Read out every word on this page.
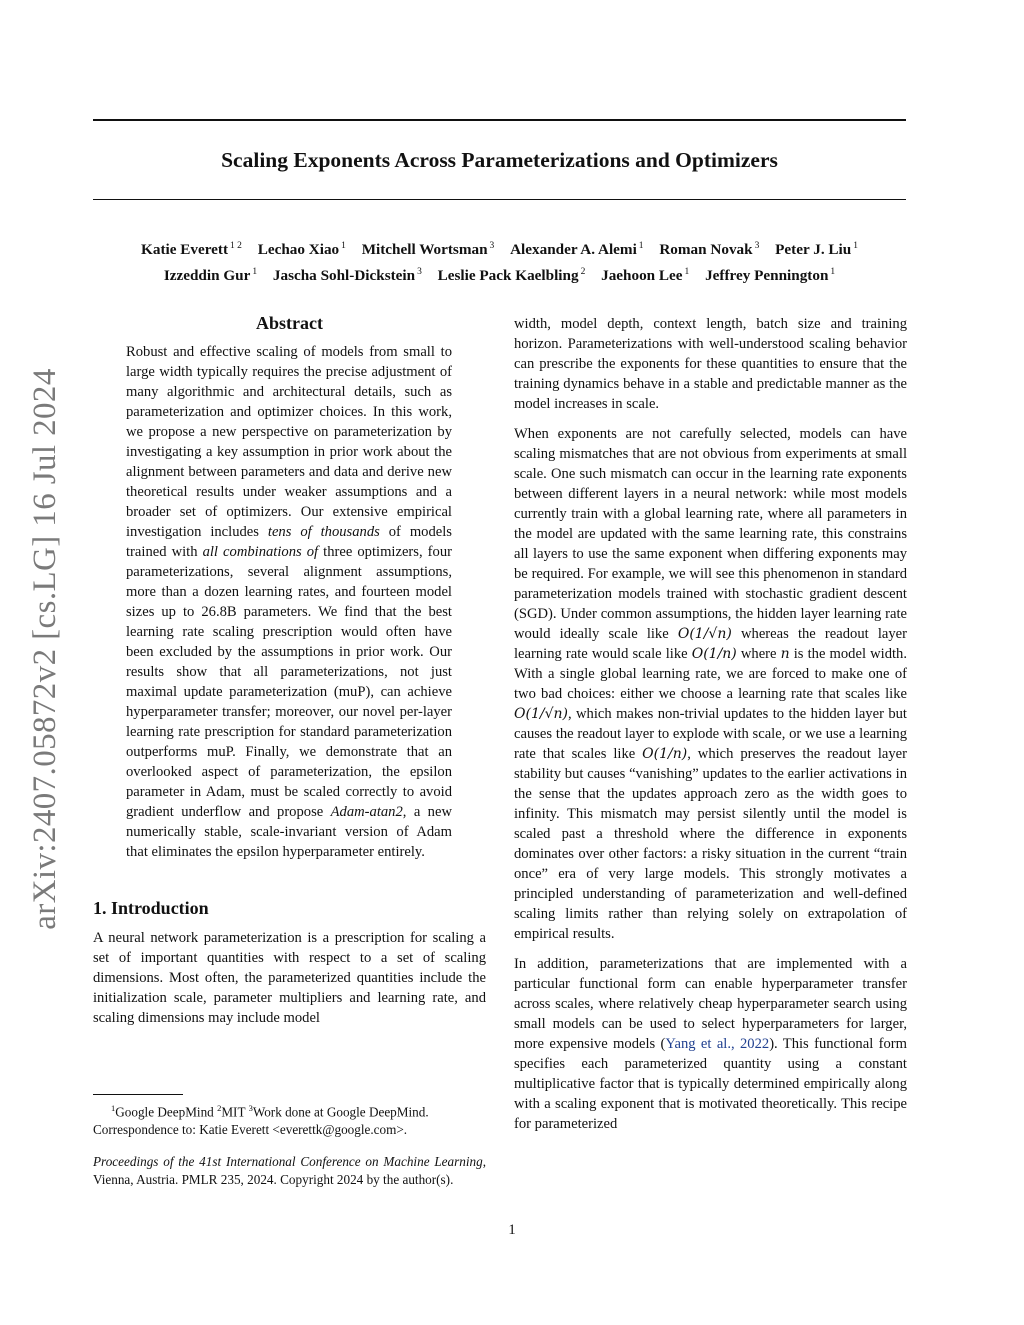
arXiv:2407.05872v2 [cs.LG] 16 Jul 2024
Scaling Exponents Across Parameterizations and Optimizers
Katie Everett $^{1 2}$ Lechao Xiao $^1$ Mitchell Wortsman $^3$ Alexander A. Alemi $^1$ Roman Novak $^3$ Peter J. Liu $^1$
Izzeddin Gur $^1$ Jascha Sohl-Dickstein $^3$ Leslie Pack Kaelbling $^2$ Jaehoon Lee $^1$ Jeffrey Pennington $^1$
Abstract

Robust and effective scaling of models from small to large width typically requires the precise adjustment of many algorithmic and architectural details, such as parameterization and optimizer choices. In this work, we propose a new perspective on parameterization by investigating a key assumption in prior work about the alignment between parameters and data and derive new theoretical results under weaker assumptions and a broader set of optimizers. Our extensive empirical investigation includes tens of thousands of models trained with all combinations of three optimizers, four parameterizations, several alignment assumptions, more than a dozen learning rates, and fourteen model sizes up to 26.8B parameters. We find that the best learning rate scaling prescription would often have been excluded by the assumptions in prior work. Our results show that all parameterizations, not just maximal update parameterization (muP), can achieve hyperparameter transfer; moreover, our novel per-layer learning rate prescription for standard parameterization outperforms muP. Finally, we demonstrate that an overlooked aspect of parameterization, the epsilon parameter in Adam, must be scaled correctly to avoid gradient underflow and propose Adam-atan2, a new numerically stable, scale-invariant version of Adam that eliminates the epsilon hyperparameter entirely.

1. Introduction

A neural network parameterization is a prescription for scaling a set of important quantities with respect to a set of scaling dimensions. Most often, the parameterized quantities include the initialization scale, parameter multipliers and learning rate, and scaling dimensions may include model

$^1$Google DeepMind $^2$MIT $^3$Work done at Google DeepMind.
Correspondence to: Katie Everett <everettk@google.com>.

Proceedings of the 41st International Conference on Machine Learning, Vienna, Austria. PMLR 235, 2024. Copyright 2024 by the author(s).

width, model depth, context length, batch size and training horizon. Parameterizations with well-understood scaling behavior can prescribe the exponents for these quantities to ensure that the training dynamics behave in a stable and predictable manner as the model increases in scale.

When exponents are not carefully selected, models can have scaling mismatches that are not obvious from experiments at small scale. One such mismatch can occur in the learning rate exponents between different layers in a neural network: while most models currently train with a global learning rate, where all parameters in the model are updated with the same learning rate, this constrains all layers to use the same exponent when differing exponents may be required. For example, we will see this phenomenon in standard parameterization models trained with stochastic gradient descent (SGD). Under common assumptions, the hidden layer learning rate would ideally scale like O(1/√n) whereas the readout layer learning rate would scale like O(1/n) where n is the model width. With a single global learning rate, we are forced to make one of two bad choices: either we choose a learning rate that scales like O(1/√n), which makes non-trivial updates to the hidden layer but causes the readout layer to explode with scale, or we use a learning rate that scales like O(1/n), which preserves the readout layer stability but causes “vanishing” updates to the earlier activations in the sense that the updates approach zero as the width goes to infinity. This mismatch may persist silently until the model is scaled past a threshold where the difference in exponents dominates over other factors: a risky situation in the current “train once” era of very large models. This strongly motivates a principled understanding of parameterization and well-defined scaling limits rather than relying solely on extrapolation of empirical results.

In addition, parameterizations that are implemented with a particular functional form can enable hyperparameter transfer across scales, where relatively cheap hyperparameter search using small models can be used to select hyperparameters for larger, more expensive models (Yang et al., 2022). This functional form specifies each parameterized quantity using a constant multiplicative factor that is typically determined empirically along with a scaling exponent that is motivated theoretically. This recipe for parameterized

1
